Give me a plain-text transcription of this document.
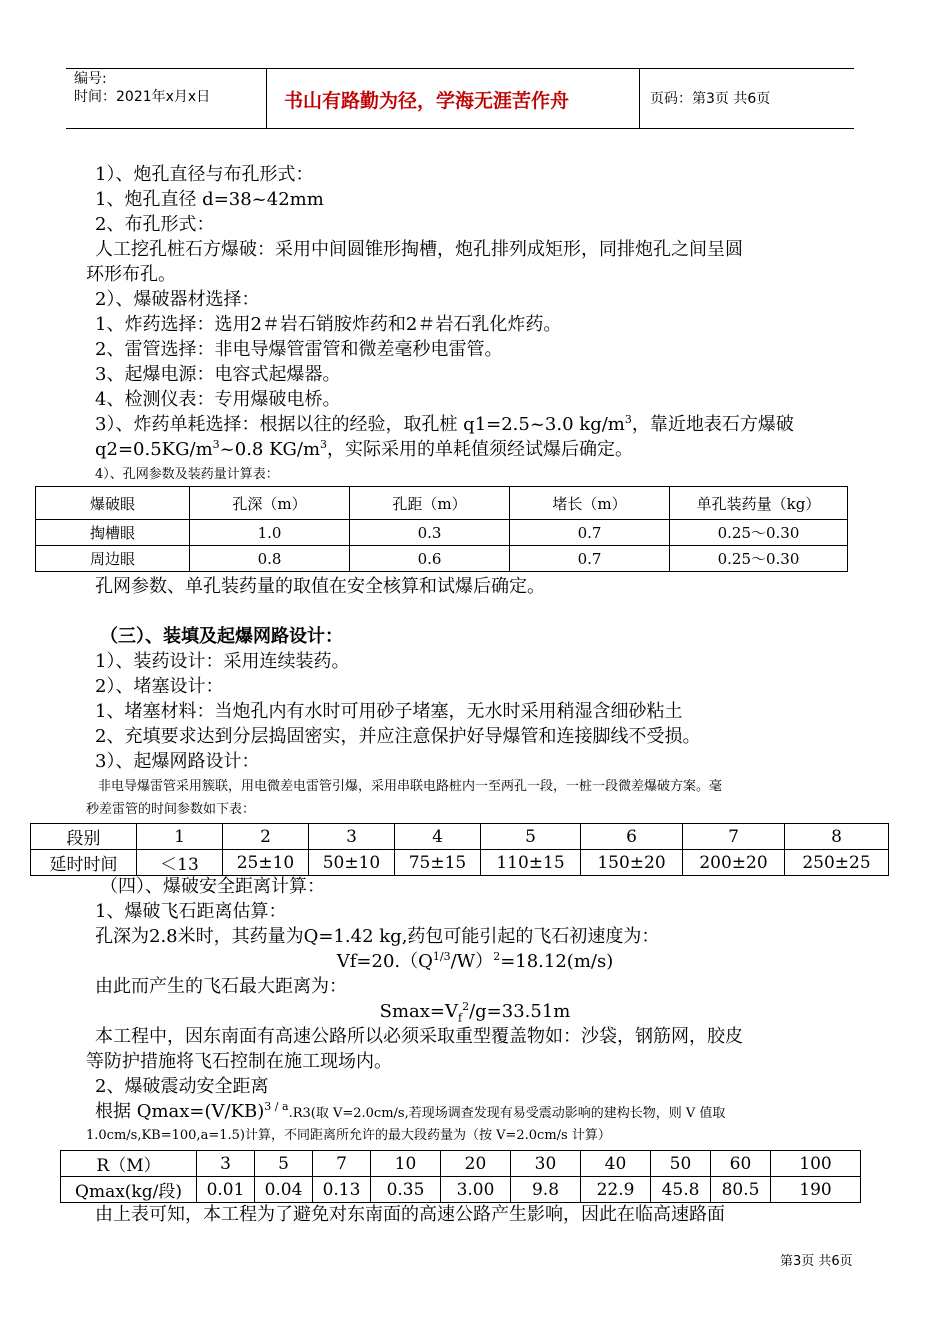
编号:
时间：2021年x月x日	书山有路勤为径，学海无涯苦作舟	页码：第3页 共6页
1）、炮孔直径与布孔形式：
1、炮孔直径 d=38~42mm
2、布孔形式：
人工挖孔桩石方爆破：采用中间圆锥形掏槽，炮孔排列成矩形，同排炮孔之间呈圆
环形布孔。
2）、爆破器材选择：
1、炸药选择：选用2＃岩石销胺炸药和2＃岩石乳化炸药。
2、雷管选择：非电导爆管雷管和微差毫秒电雷管。
3、起爆电源：电容式起爆器。
4、检测仪表：专用爆破电桥。
3）、炸药单耗选择：根据以往的经验，取孔桩 q1=2.5~3.0 $kg/m^3$，靠近地表石方爆破
$q2=0.5KG/m^3\sim 0.8$ $KG/m^3$，实际采用的单耗值须经试爆后确定。
4）、孔网参数及装药量计算表：
爆破眼	孔深（m）	孔距（m）	堵长（m）	单孔装药量（kg）
掏槽眼	1.0	0.3	0.7	0.25～0.30
周边眼	0.8	0.6	0.7	0.25～0.30
孔网参数、单孔装药量的取值在安全核算和试爆后确定。
（三）、装填及起爆网路设计：
1）、装药设计：采用连续装药。
2）、堵塞设计：
1、堵塞材料：当炮孔内有水时可用砂子堵塞，无水时采用稍湿含细砂粘土
2、充填要求达到分层捣固密实，并应注意保护好导爆管和连接脚线不受损。
3）、起爆网路设计：
非电导爆雷管采用簇联，用电微差电雷管引爆，采用串联电路桩内一至两孔一段，一桩一段微差爆破方案。毫
秒差雷管的时间参数如下表：
段别	1	2	3	4	5	6	7	8
延时时间	＜13	25±10	50±10	75±15	110±15	150±20	200±20	250±25
（四）、爆破安全距离计算：
1、爆破飞石距离估算：
孔深为2.8米时，其药量为Q=1.42 kg,药包可能引起的飞石初速度为：
$Vf=20.(Q^{1/3}/W)^2=18.12(m/s)$
由此而产生的飞石最大距离为：
$Smax=V_f^2/g=33.51m$
本工程中，因东南面有高速公路所以必须采取重型覆盖物如：沙袋，钢筋网，胶皮
等防护措施将飞石控制在施工现场内。
2、爆破震动安全距离
根据 $Qmax=(V/KB)^{3 / a}.R3$(取 V=2.0cm/s,若现场调查发现有易受震动影响的建构长物，则 V 值取
1.0cm/s,KB=100,a=1.5)计算，不同距离所允许的最大段药量为（按 V=2.0cm/s 计算）
R（M）	3	5	7	10	20	30	40	50	60	100
Qmax(kg/段)	0.01	0.04	0.13	0.35	3.00	9.8	22.9	45.8	80.5	190
由上表可知，本工程为了避免对东南面的高速公路产生影响，因此在临高速路面
第3页 共6页
